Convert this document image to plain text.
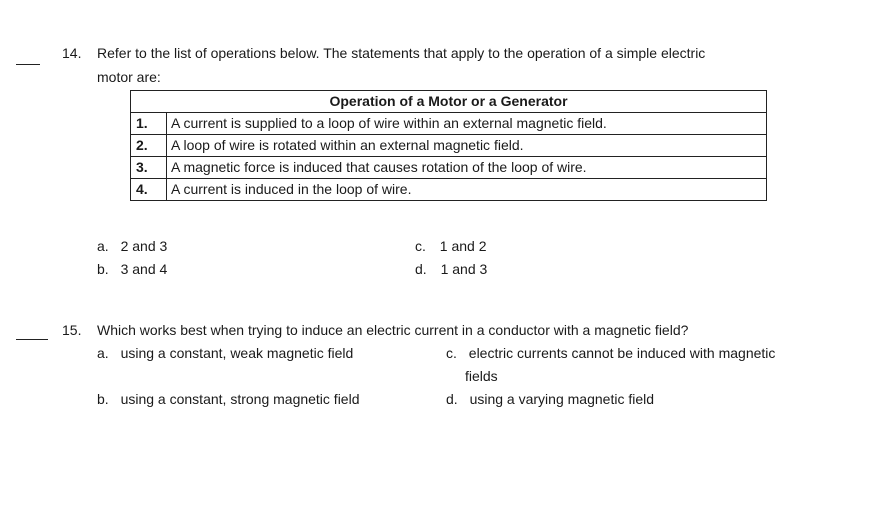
14. Refer to the list of operations below. The statements that apply to the operation of a simple electric
motor are:
Operation of a Motor or a Generator	
1.	A current is supplied to a loop of wire within an external magnetic field.
2.	A loop of wire is rotated within an external magnetic field.
3.	A magnetic force is induced that causes rotation of the loop of wire.
4.	A current is induced in the loop of wire.
a. 2 and 3
b. 3 and 4
c. 1 and 2
d. 1 and 3
15. Which works best when trying to induce an electric current in a conductor with a magnetic field?
a. using a constant, weak magnetic field
b. using a constant, strong magnetic field
c. electric currents cannot be induced with magnetic
fields
d. using a varying magnetic field
